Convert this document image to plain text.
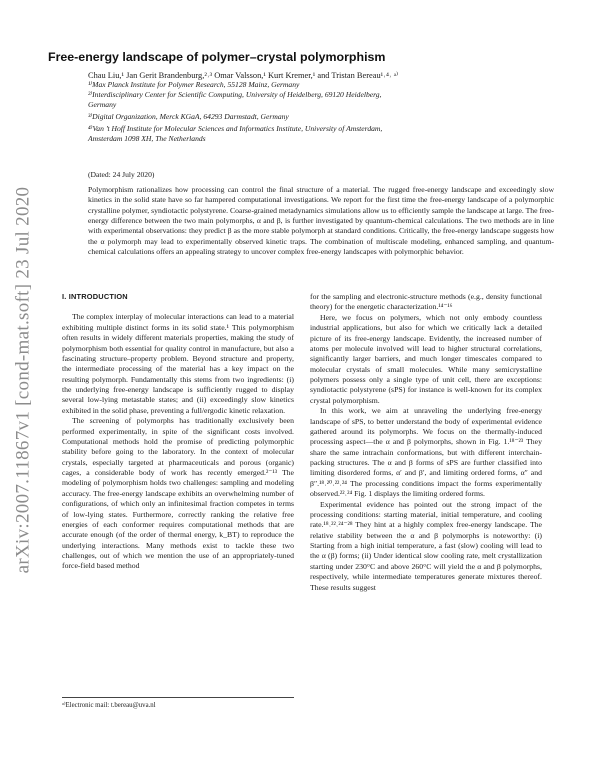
arXiv:2007.11867v1 [cond-mat.soft] 23 Jul 2020
Free-energy landscape of polymer–crystal polymorphism
Chau Liu,¹ Jan Gerit Brandenburg,²˒³ Omar Valsson,¹ Kurt Kremer,¹ and Tristan Bereau¹˒⁴˒ ᵃ⁾
¹⁾Max Planck Institute for Polymer Research, 55128 Mainz, Germany
²⁾Interdisciplinary Center for Scientific Computing, University of Heidelberg, 69120 Heidelberg,
Germany
³⁾Digital Organization, Merck KGaA, 64293 Darmstadt, Germany
⁴⁾Van ’t Hoff Institute for Molecular Sciences and Informatics Institute, University of Amsterdam,
Amsterdam 1098 XH, The Netherlands
(Dated: 24 July 2020)

Polymorphism rationalizes how processing can control the final structure of a material. The rugged free-energy landscape and exceedingly slow kinetics in the solid state have so far hampered computational investigations. We report for the first time the free-energy landscape of a polymorphic crystalline polymer, syndiotactic polystyrene. Coarse-grained metadynamics simulations allow us to efficiently sample the landscape at large. The free-energy difference between the two main polymorphs, α and β, is further investigated by quantum-chemical calculations. The two methods are in line with experimental observations: they predict β as the more stable polymorph at standard conditions. Critically, the free-energy landscape suggests how the α polymorph may lead to experimentally observed kinetic traps. The combination of multiscale modeling, enhanced sampling, and quantum-chemical calculations offers an appealing strategy to uncover complex free-energy landscapes with polymorphic behavior.

I. INTRODUCTION

The complex interplay of molecular interactions can lead to a material exhibiting multiple distinct forms in its solid state.¹ This polymorphism often results in widely different materials properties, making the study of polymorphism both essential for quality control in manufacture, but also a fascinating structure–property problem. Beyond structure and property, the intermediate processing of the material has a key impact on the resulting polymorph. Fundamentally this stems from two ingredients: (i) the underlying free-energy landscape is sufficiently rugged to display several low-lying metastable states; and (ii) exceedingly slow kinetics exhibited in the solid phase, preventing a full/ergodic kinetic relaxation.

The screening of polymorphs has traditionally exclusively been performed experimentally, in spite of the significant costs involved. Computational methods hold the promise of predicting polymorphic stability before going to the laboratory. In the context of molecular crystals, especially targeted at pharmaceuticals and porous (organic) cages, a considerable body of work has recently emerged.²⁻¹³ The modeling of polymorphism holds two challenges: sampling and modeling accuracy. The free-energy landscape exhibits an overwhelming number of configurations, of which only an infinitesimal fraction competes in terms of low-lying states. Furthermore, correctly ranking the relative free energies of each conformer requires computational methods that are accurate enough (of the order of thermal energy, k_BT) to reproduce the underlying interactions. Many methods exist to tackle these two challenges, out of which we mention the use of an appropriately-tuned force-field based method

for the sampling and electronic-structure methods (e.g., density functional theory) for the energetic characterization.¹⁴⁻¹⁶

Here, we focus on polymers, which not only embody countless industrial applications, but also for which we critically lack a detailed picture of its free-energy landscape. Evidently, the increased number of atoms per molecule involved will lead to higher structural correlations, significantly larger barriers, and much longer timescales compared to molecular crystals of small molecules. While many semicrystalline polymers possess only a single type of unit cell, there are exceptions: syndiotactic polystyrene (sPS) for instance is well-known for its complex crystal polymorphism.

In this work, we aim at unraveling the underlying free-energy landscape of sPS, to better understand the body of experimental evidence gathered around its polymorphs. We focus on the thermally-induced processing aspect—the α and β polymorphs, shown in Fig. 1.¹⁸⁻²³ They share the same intrachain conformations, but with different interchain-packing structures. The α and β forms of sPS are further classified into limiting disordered forms, α′ and β′, and limiting ordered forms, α″ and β″.¹⁸˒²⁰˒²²˒²⁴ The processing conditions impact the forms experimentally observed.²²˒²⁴ Fig. 1 displays the limiting ordered forms.

Experimental evidence has pointed out the strong impact of the processing conditions: starting material, initial temperature, and cooling rate.¹⁸˒²²˒²⁴⁻²⁸ They hint at a highly complex free-energy landscape. The relative stability between the α and β polymorphs is noteworthy: (i) Starting from a high initial temperature, a fast (slow) cooling will lead to the α (β) forms; (ii) Under identical slow cooling rate, melt crystallization starting under 230°C and above 260°C will yield the α and β polymorphs, respectively, while intermediate temperatures generate mixtures thereof. These results suggest

ᵃ⁾Electronic mail: t.bereau@uva.nl
